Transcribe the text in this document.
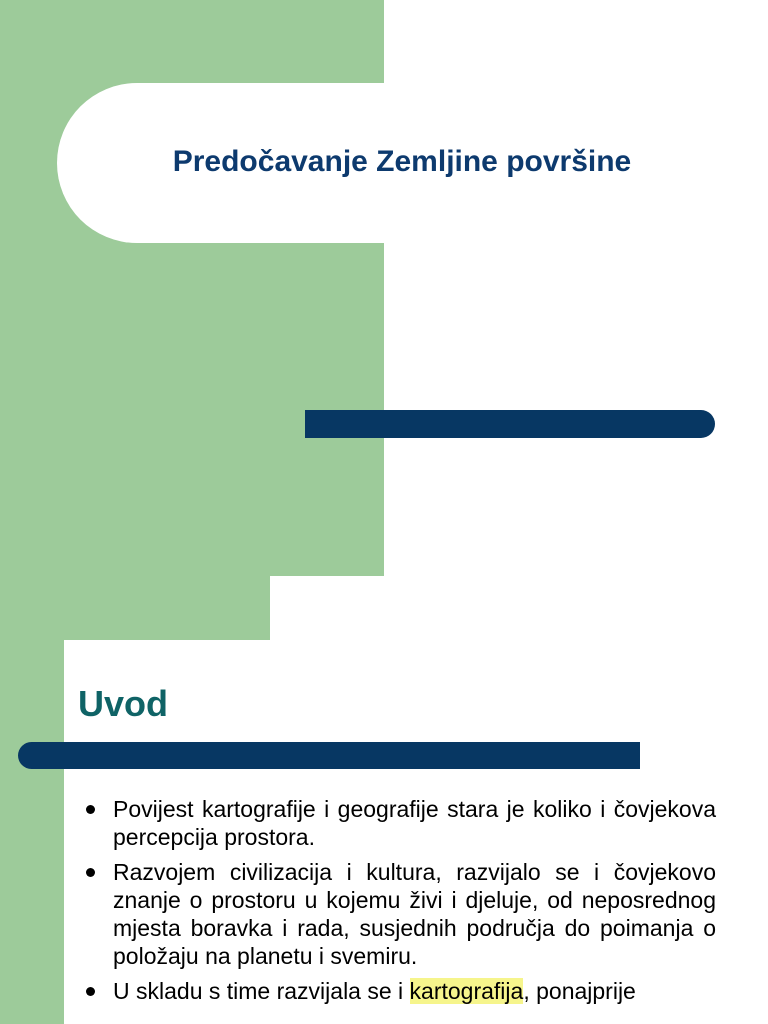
Predočavanje Zemljine površine
Uvod
Povijest kartografije i geografije stara je koliko i čovjekova percepcija prostora.
Razvojem civilizacija i kultura, razvijalo se i čovjekovo znanje o prostoru u kojemu živi i djeluje, od neposrednog mjesta boravka i rada, susjednih područja do poimanja o položaju na planetu i svemiru.
U skladu s time razvijala se i kartografija, ponajprije
